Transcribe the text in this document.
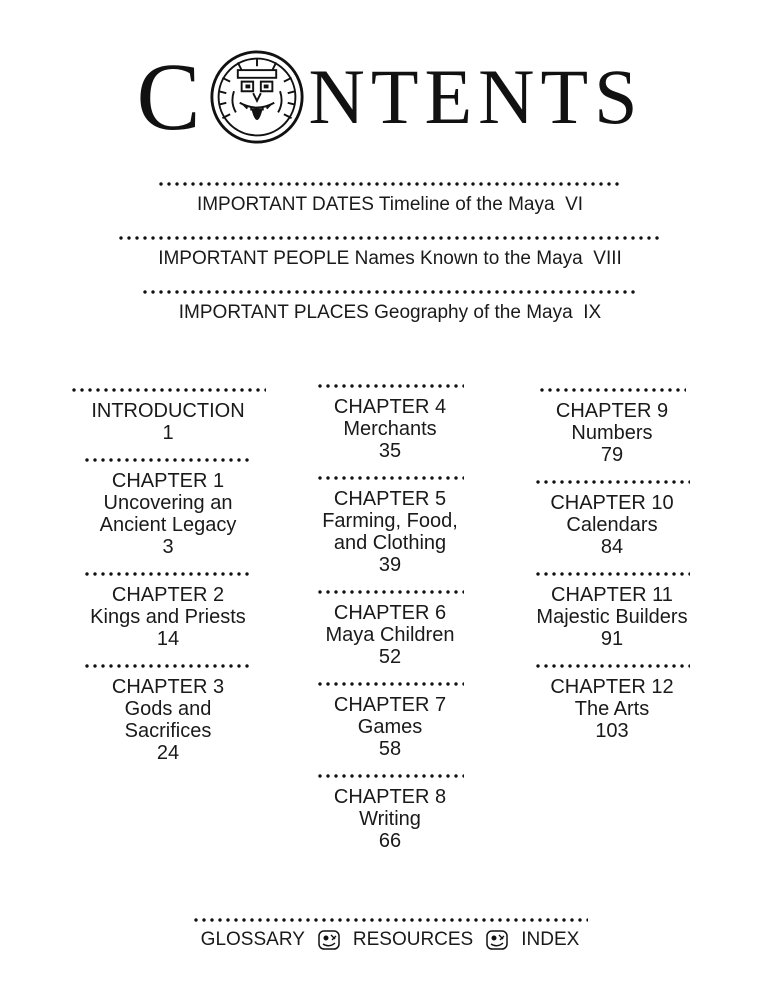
C NTENTS
IMPORTANT DATES Timeline of the Maya VI
IMPORTANT PEOPLE Names Known to the Maya VIII
IMPORTANT PLACES Geography of the Maya IX
INTRODUCTION
1
CHAPTER 1
Uncovering an
Ancient Legacy
3
CHAPTER 2
Kings and Priests
14
CHAPTER 3
Gods and
Sacrifices
24
CHAPTER 4
Merchants
35
CHAPTER 5
Farming, Food,
and Clothing
39
CHAPTER 6
Maya Children
52
CHAPTER 7
Games
58
CHAPTER 8
Writing
66
CHAPTER 9
Numbers
79
CHAPTER 10
Calendars
84
CHAPTER 11
Majestic Builders
91
CHAPTER 12
The Arts
103
GLOSSARY	RESOURCES	INDEX
